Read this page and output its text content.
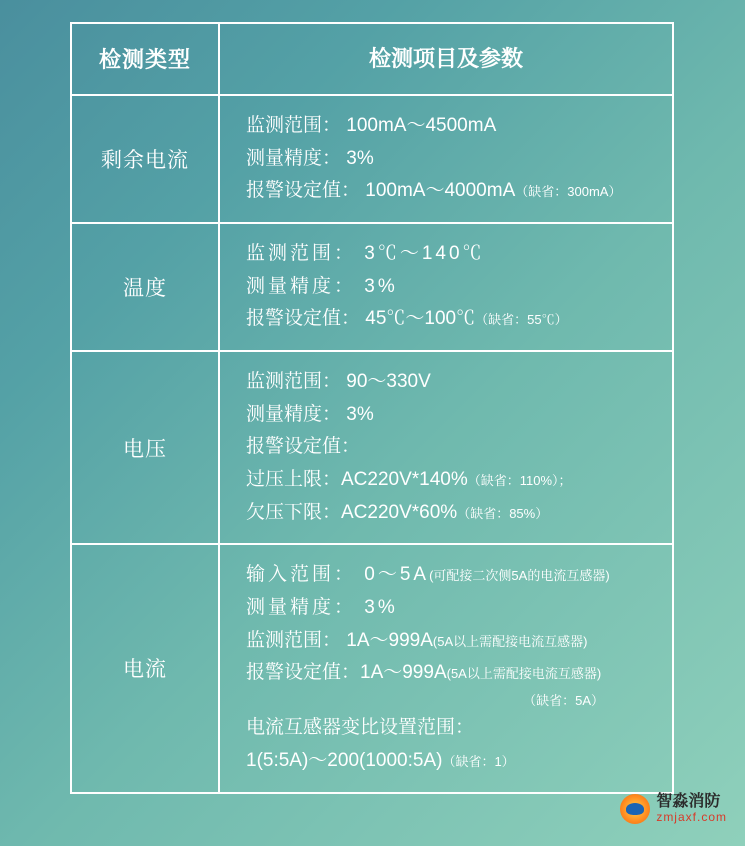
检测类型	检测项目及参数
剩余电流
监测范围： 100mA〜4500mA
测量精度： 3%
报警设定值： 100mA〜4000mA（缺省：300mA）
温度
监测范围： 3℃〜140℃
测量精度： 3%
报警设定值： 45℃〜100℃（缺省：55℃）
电压
监测范围： 90〜330V
测量精度： 3%
报警设定值：
过压上限：AC220V*140%（缺省：110%）；
欠压下限：AC220V*60%（缺省：85%）
电流
输入范围： 0〜5A(可配接二次侧5A的电流互感器)
测量精度： 3%
监测范围： 1A〜999A(5A以上需配接电流互感器)
报警设定值：1A〜999A(5A以上需配接电流互感器)
（缺省：5A）
电流互感器变比设置范围：
1(5:5A)〜200(1000:5A)（缺省：1）
智淼消防
zmjaxf.com
